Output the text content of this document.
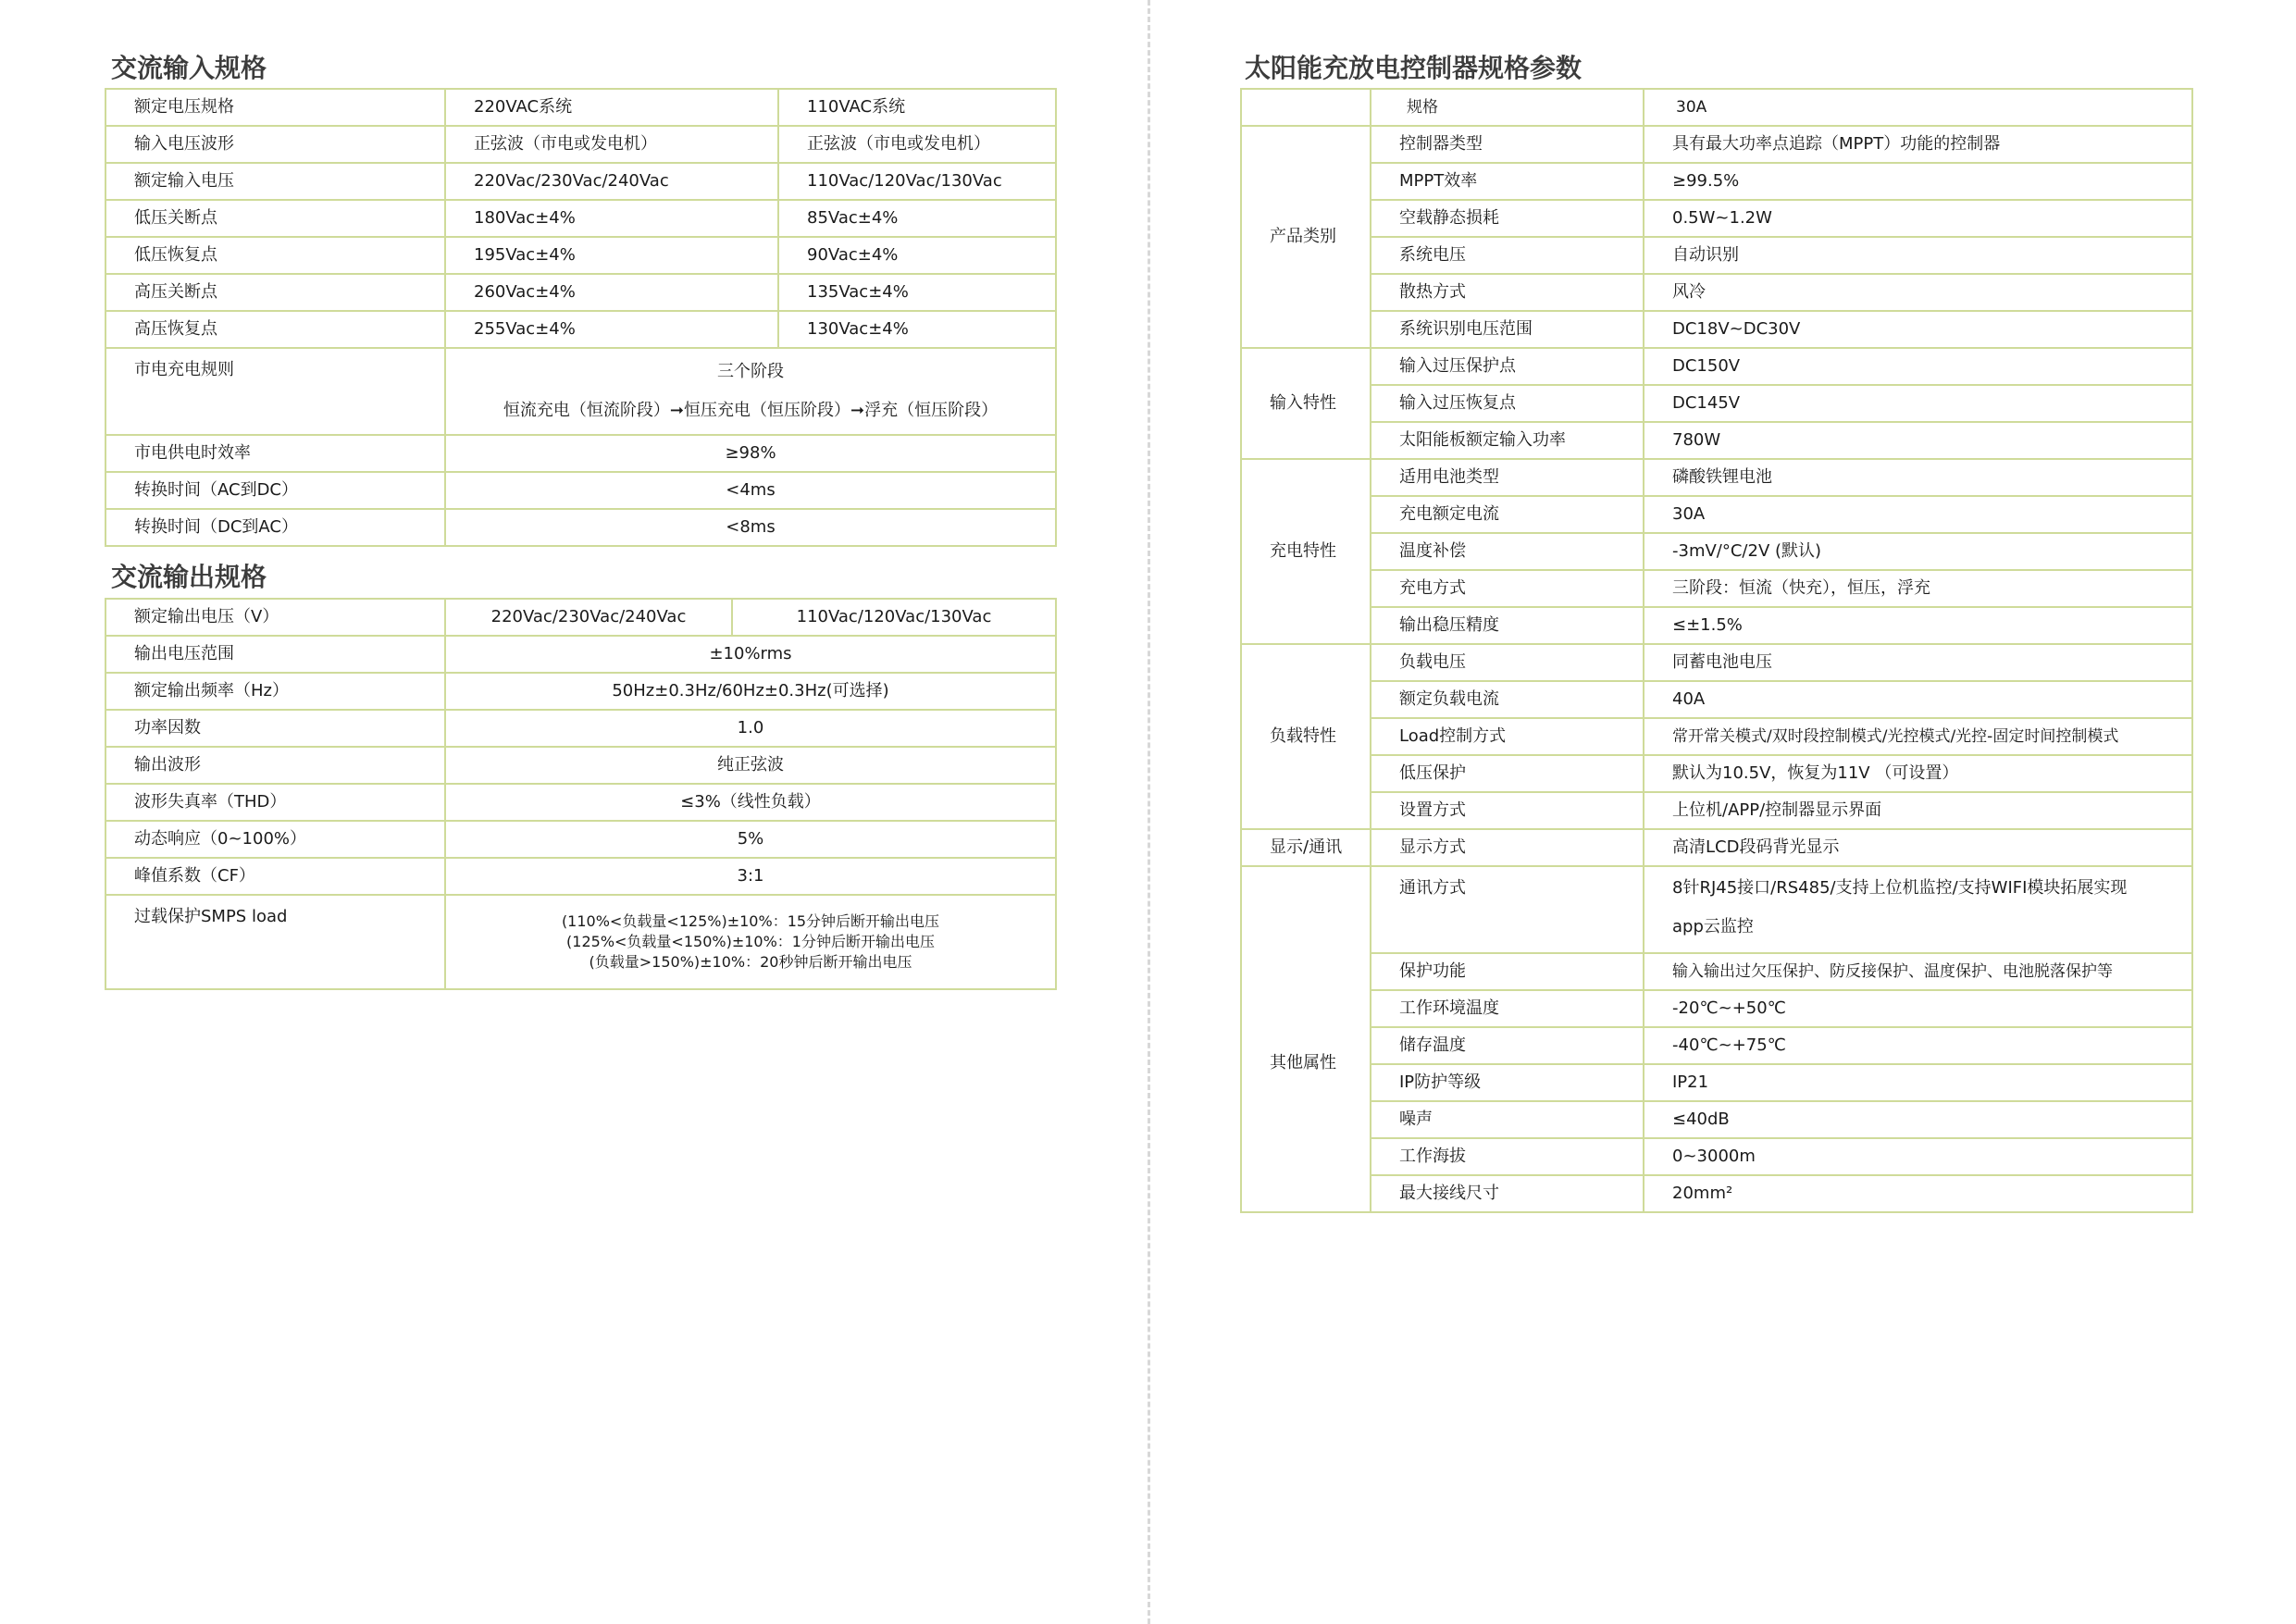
交流输入规格
额定电压规格	220VAC系统	110VAC系统
输入电压波形	正弦波（市电或发电机）	正弦波（市电或发电机）
额定输入电压	220Vac/230Vac/240Vac	110Vac/120Vac/130Vac
低压关断点	180Vac±4%	85Vac±4%
低压恢复点	195Vac±4%	90Vac±4%
高压关断点	260Vac±4%	135Vac±4%
高压恢复点	255Vac±4%	130Vac±4%
市电充电规则	三个阶段
恒流充电（恒流阶段）➞恒压充电（恒压阶段）➞浮充（恒压阶段）	

市电供电时效率	≥98%	
转换时间（AC到DC）	<4ms	
转换时间（DC到AC）	<8ms	
交流输出规格
额定输出电压（V）	220Vac/230Vac/240Vac	110Vac/120Vac/130Vac
输出电压范围	±10%rms	
额定输出频率（Hz）	50Hz±0.3Hz/60Hz±0.3Hz(可选择)	
功率因数	1.0	
输出波形	纯正弦波	
波形失真率（THD）	≤3%（线性负载）	
动态响应（0~100%）	5%	
峰值系数（CF）	3:1	
过载保护SMPS load	(110%<负载量<125%)±10%：15分钟后断开输出电压
(125%<负载量<150%)±10%：1分钟后断开输出电压
(负载量>150%)±10%：20秒钟后断开输出电压	
太阳能充放电控制器规格参数
	规格	30A
产品类别	控制器类型	具有最大功率点追踪（MPPT）功能的控制器
	MPPT效率	≥99.5%
	空载静态损耗	0.5W~1.2W
	系统电压	自动识别
	散热方式	风冷
	系统识别电压范围	DC18V~DC30V
输入特性	输入过压保护点	DC150V
	输入过压恢复点	DC145V
	太阳能板额定输入功率	780W
充电特性	适用电池类型	磷酸铁锂电池
	充电额定电流	30A
	温度补偿	-3mV/°C/2V (默认)
	充电方式	三阶段：恒流（快充），恒压，浮充
	输出稳压精度	≤±1.5%
负载特性	负载电压	同蓄电池电压
	额定负载电流	40A
	Load控制方式	常开常关模式/双时段控制模式/光控模式/光控-固定时间控制模式
	低压保护	默认为10.5V，恢复为11V （可设置）
	设置方式	上位机/APP/控制器显示界面
显示/通讯	显示方式	高清LCD段码背光显示
其他属性	通讯方式	8针RJ45接口/RS485/支持上位机监控/支持WIFI模块拓展实现
app云监控

	保护功能	输入输出过欠压保护、防反接保护、温度保护、电池脱落保护等
	工作环境温度	-20℃~+50℃
	储存温度	-40℃~+75℃
	IP防护等级	IP21
	噪声	≤40dB
	工作海拔	0~3000m
	最大接线尺寸	20mm²
